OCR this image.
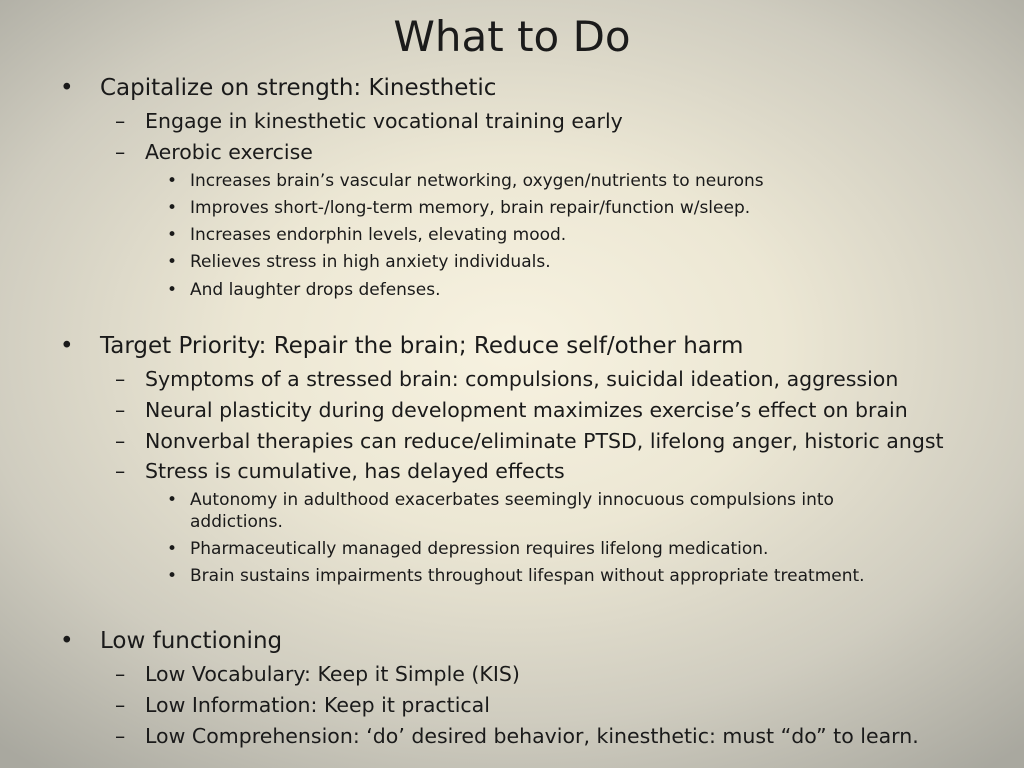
What to Do
• Capitalize on strength: Kinesthetic
– Engage in kinesthetic vocational training early
– Aerobic exercise
• Increases brain’s vascular networking, oxygen/nutrients to neurons
• Improves short-/long-term memory, brain repair/function w/sleep.
• Increases endorphin levels, elevating mood.
• Relieves stress in high anxiety individuals.
• And laughter drops defenses.
• Target Priority: Repair the brain; Reduce self/other harm
– Symptoms of a stressed brain: compulsions, suicidal ideation, aggression
– Neural plasticity during development maximizes exercise’s effect on brain
– Nonverbal therapies can reduce/eliminate PTSD, lifelong anger, historic angst
– Stress is cumulative, has delayed effects
• Autonomy in adulthood exacerbates seemingly innocuous compulsions into
addictions.
• Pharmaceutically managed depression requires lifelong medication.
• Brain sustains impairments throughout lifespan without appropriate treatment.
• Low functioning
– Low Vocabulary: Keep it Simple (KIS)
– Low Information: Keep it practical
– Low Comprehension: ‘do’ desired behavior, kinesthetic: must “do” to learn.
